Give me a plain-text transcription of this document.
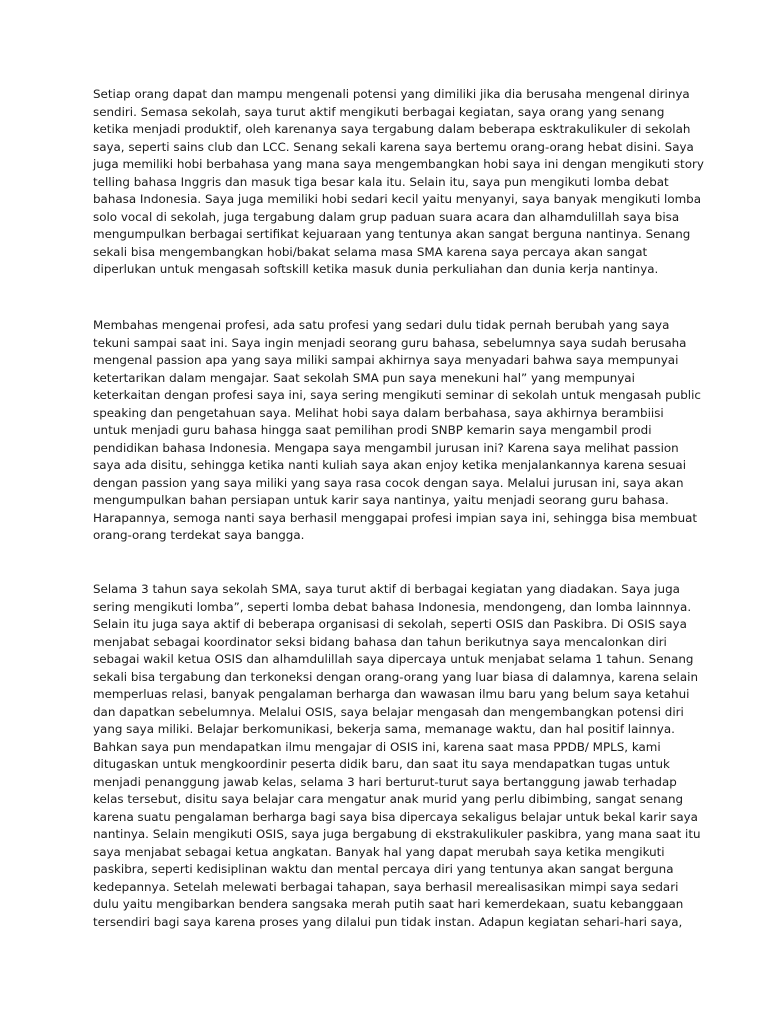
Setiap orang dapat dan mampu mengenali potensi yang dimiliki jika dia berusaha mengenal dirinya
sendiri. Semasa sekolah, saya turut aktif mengikuti berbagai kegiatan, saya orang yang senang
ketika menjadi produktif, oleh karenanya saya tergabung dalam beberapa esktrakulikuler di sekolah
saya, seperti sains club dan LCC. Senang sekali karena saya bertemu orang-orang hebat disini. Saya
juga memiliki hobi berbahasa yang mana saya mengembangkan hobi saya ini dengan mengikuti story
telling bahasa Inggris dan masuk tiga besar kala itu. Selain itu, saya pun mengikuti lomba debat
bahasa Indonesia. Saya juga memiliki hobi sedari kecil yaitu menyanyi, saya banyak mengikuti lomba
solo vocal di sekolah, juga tergabung dalam grup paduan suara acara dan alhamdulillah saya bisa
mengumpulkan berbagai sertifikat kejuaraan yang tentunya akan sangat berguna nantinya. Senang
sekali bisa mengembangkan hobi/bakat selama masa SMA karena saya percaya akan sangat
diperlukan untuk mengasah softskill ketika masuk dunia perkuliahan dan dunia kerja nantinya.

Membahas mengenai profesi, ada satu profesi yang sedari dulu tidak pernah berubah yang saya
tekuni sampai saat ini. Saya ingin menjadi seorang guru bahasa, sebelumnya saya sudah berusaha
mengenal passion apa yang saya miliki sampai akhirnya saya menyadari bahwa saya mempunyai
ketertarikan dalam mengajar. Saat sekolah SMA pun saya menekuni hal” yang mempunyai
keterkaitan dengan profesi saya ini, saya sering mengikuti seminar di sekolah untuk mengasah public
speaking dan pengetahuan saya. Melihat hobi saya dalam berbahasa, saya akhirnya berambiisi
untuk menjadi guru bahasa hingga saat pemilihan prodi SNBP kemarin saya mengambil prodi
pendidikan bahasa Indonesia. Mengapa saya mengambil jurusan ini? Karena saya melihat passion
saya ada disitu, sehingga ketika nanti kuliah saya akan enjoy ketika menjalankannya karena sesuai
dengan passion yang saya miliki yang saya rasa cocok dengan saya. Melalui jurusan ini, saya akan
mengumpulkan bahan persiapan untuk karir saya nantinya, yaitu menjadi seorang guru bahasa.
Harapannya, semoga nanti saya berhasil menggapai profesi impian saya ini, sehingga bisa membuat
orang-orang terdekat saya bangga.

Selama 3 tahun saya sekolah SMA, saya turut aktif di berbagai kegiatan yang diadakan. Saya juga
sering mengikuti lomba”, seperti lomba debat bahasa Indonesia, mendongeng, dan lomba lainnnya.
Selain itu juga saya aktif di beberapa organisasi di sekolah, seperti OSIS dan Paskibra. Di OSIS saya
menjabat sebagai koordinator seksi bidang bahasa dan tahun berikutnya saya mencalonkan diri
sebagai wakil ketua OSIS dan alhamdulillah saya dipercaya untuk menjabat selama 1 tahun. Senang
sekali bisa tergabung dan terkoneksi dengan orang-orang yang luar biasa di dalamnya, karena selain
memperluas relasi, banyak pengalaman berharga dan wawasan ilmu baru yang belum saya ketahui
dan dapatkan sebelumnya. Melalui OSIS, saya belajar mengasah dan mengembangkan potensi diri
yang saya miliki. Belajar berkomunikasi, bekerja sama, memanage waktu, dan hal positif lainnya.
Bahkan saya pun mendapatkan ilmu mengajar di OSIS ini, karena saat masa PPDB/ MPLS, kami
ditugaskan untuk mengkoordinir peserta didik baru, dan saat itu saya mendapatkan tugas untuk
menjadi penanggung jawab kelas, selama 3 hari berturut-turut saya bertanggung jawab terhadap
kelas tersebut, disitu saya belajar cara mengatur anak murid yang perlu dibimbing, sangat senang
karena suatu pengalaman berharga bagi saya bisa dipercaya sekaligus belajar untuk bekal karir saya
nantinya. Selain mengikuti OSIS, saya juga bergabung di ekstrakulikuler paskibra, yang mana saat itu
saya menjabat sebagai ketua angkatan. Banyak hal yang dapat merubah saya ketika mengikuti
paskibra, seperti kedisiplinan waktu dan mental percaya diri yang tentunya akan sangat berguna
kedepannya. Setelah melewati berbagai tahapan, saya berhasil merealisasikan mimpi saya sedari
dulu yaitu mengibarkan bendera sangsaka merah putih saat hari kemerdekaan, suatu kebanggaan
tersendiri bagi saya karena proses yang dilalui pun tidak instan. Adapun kegiatan sehari-hari saya,
